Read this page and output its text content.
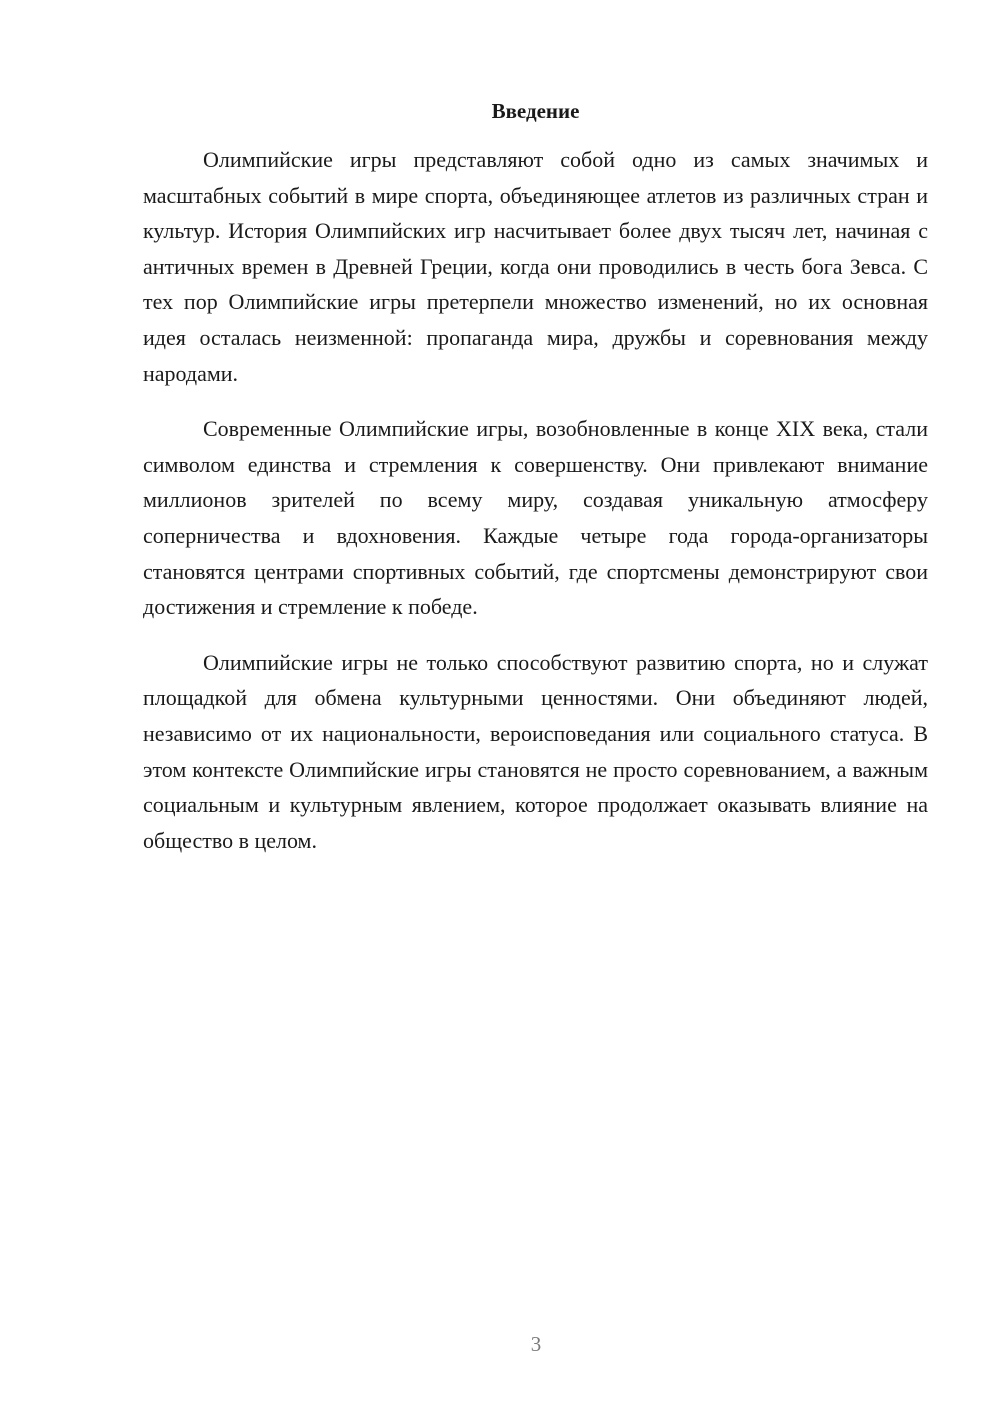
Введение

Олимпийские игры представляют собой одно из самых значимых и масштабных событий в мире спорта, объединяющее атлетов из различных стран и культур. История Олимпийских игр насчитывает более двух тысяч лет, начиная с античных времен в Древней Греции, когда они проводились в честь бога Зевса. С тех пор Олимпийские игры претерпели множество изменений, но их основная идея осталась неизменной: пропаганда мира, дружбы и соревнования между народами.

Современные Олимпийские игры, возобновленные в конце XIX века, стали символом единства и стремления к совершенству. Они привлекают внимание миллионов зрителей по всему миру, создавая уникальную атмосферу соперничества и вдохновения. Каждые четыре года города-организаторы становятся центрами спортивных событий, где спортсмены демонстрируют свои достижения и стремление к победе.

Олимпийские игры не только способствуют развитию спорта, но и служат площадкой для обмена культурными ценностями. Они объединяют людей, независимо от их национальности, вероисповедания или социального статуса. В этом контексте Олимпийские игры становятся не просто соревнованием, а важным социальным и культурным явлением, которое продолжает оказывать влияние на общество в целом.

3
